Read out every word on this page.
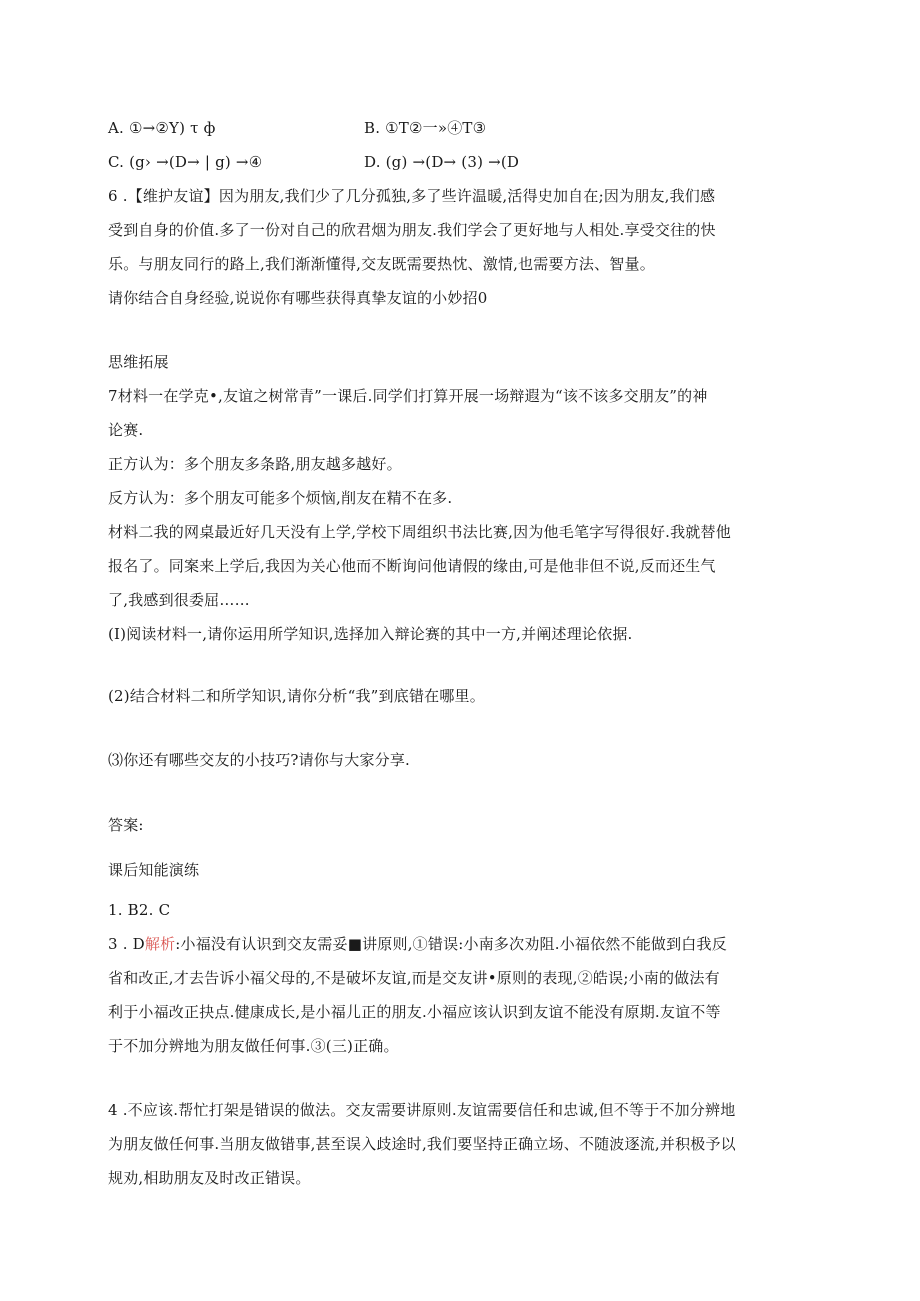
A. ①→②Y) τ ф	B. ①T②一»④T③
C. (g› →(D→ | g) →④	D. (g) →(D→ (3) →(D
6 .【维护友谊】因为朋友,我们少了几分孤独,多了些许温暖,活得史加自在;因为朋友,我们感
受到自身的价值.多了一份对自己的欣君烟为朋友.我们学会了更好地与人相处.享受交往的快
乐。与朋友同行的路上,我们渐渐懂得,交友既需要热忱、激情,也需要方法、智量。
请你结合自身经验,说说你有哪些获得真挚友谊的小妙招0
思维拓展
7材料一在学克•,友谊之树常青”一课后.同学们打算开展一场辩遐为“该不该多交朋友”的神
论赛.
正方认为：多个朋友多条路,朋友越多越好。
反方认为：多个朋友可能多个烦恼,削友在精不在多.
材料二我的网桌最近好几天没有上学,学校下周组织书法比赛,因为他毛笔字写得很好.我就替他
报名了。同案来上学后,我因为关心他而不断询问他请假的缘由,可是他非但不说,反而还生气
了,我感到很委屈……
(I)阅读材料一,请你运用所学知识,选择加入辩论赛的其中一方,并阐述理论依据.
(2)结合材料二和所学知识,请你分析“我”到底错在哪里。
⑶你还有哪些交友的小技巧?请你与大家分享.
答案:
课后知能演练
1. B2. C
3 . D解析:小福没有认识到交友需妥■讲原则,①错误:小南多次劝阻.小福依然不能做到白我反
省和改正,才去告诉小福父母的,不是破坏友谊,而是交友讲•原则的表现,②皓误;小南的做法有
利于小福改正抉点.健康成长,是小福儿正的朋友.小福应该认识到友谊不能没有原期.友谊不等
于不加分辨地为朋友做任何事.③(三)正确。
4 .不应该.帮忙打架是错误的做法。交友需要讲原则.友谊需要信任和忠诚,但不等于不加分辨地
为朋友做任何事.当朋友做错事,甚至误入歧途时,我们要坚持正确立场、不随波逐流,并积极予以
规劝,相助朋友及时改正错误。
